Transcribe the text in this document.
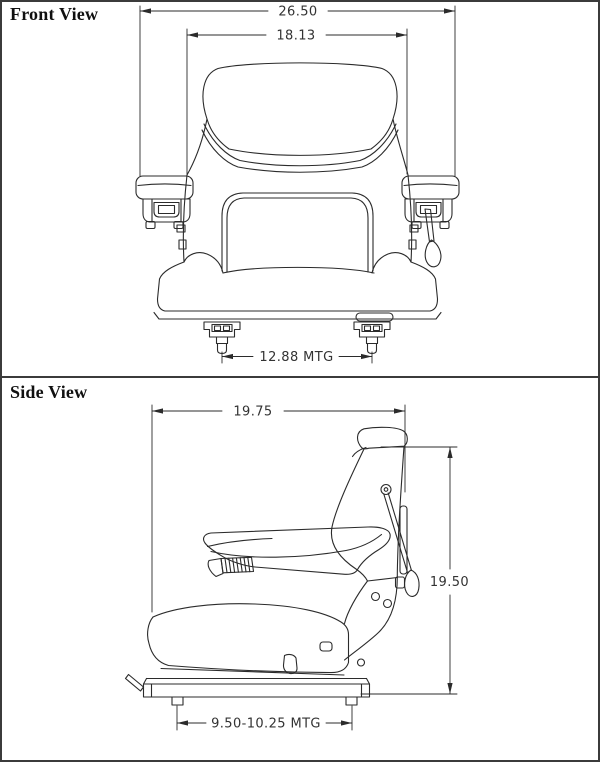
Front View
Side View
26.50
18.13
12.88 MTG
19.75
19.50
9.50-10.25 MTG
